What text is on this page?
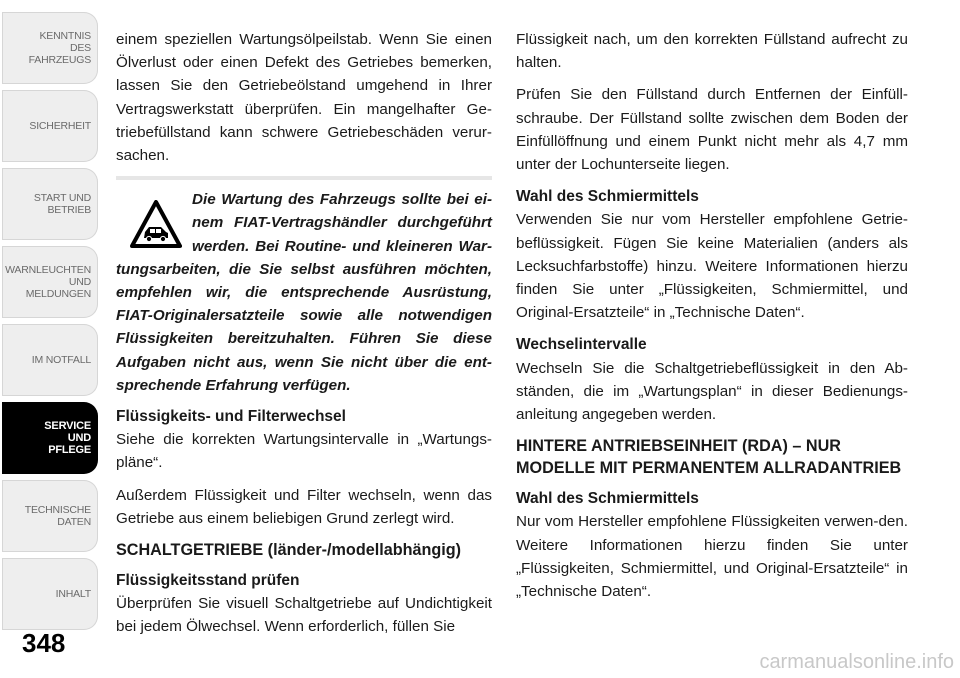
KENNTNIS
DES
FAHRZEUGS
SICHERHEIT
START UND
BETRIEB
WARNLEUCHTEN
UND
MELDUNGEN
IM NOTFALL
SERVICE
UND
PFLEGE
TECHNISCHE
DATEN
INHALT
348

einem speziellen Wartungsölpeilstab. Wenn Sie einen Ölverlust oder einen Defekt des Getriebes bemerken, lassen Sie den Getriebeölstand umgehend in Ihrer Vertragswerkstatt überprüfen. Ein mangelhafter Ge-triebefüllstand kann schwere Getriebeschäden verur-sachen.

Die Wartung des Fahrzeugs sollte bei ei-nem FIAT-Vertragshändler durchgeführt werden. Bei Routine- und kleineren War-tungsarbeiten, die Sie selbst ausführen möchten, empfehlen wir, die entsprechende Ausrüstung, FIAT-Originalersatzteile sowie alle notwendigen Flüssigkeiten bereitzuhalten. Führen Sie diese Aufgaben nicht aus, wenn Sie nicht über die ent-sprechende Erfahrung verfügen.
Flüssigkeits- und Filterwechsel

Siehe die korrekten Wartungsintervalle in „Wartungs-pläne“.

Außerdem Flüssigkeit und Filter wechseln, wenn das Getriebe aus einem beliebigen Grund zerlegt wird.

SCHALTGETRIEBE (länder-/modellabhängig)
Flüssigkeitsstand prüfen

Überprüfen Sie visuell Schaltgetriebe auf Undichtigkeit bei jedem Ölwechsel. Wenn erforderlich, füllen Sie

Flüssigkeit nach, um den korrekten Füllstand aufrecht zu halten.

Prüfen Sie den Füllstand durch Entfernen der Einfüll-schraube. Der Füllstand sollte zwischen dem Boden der Einfüllöffnung und einem Punkt nicht mehr als 4,7 mm unter der Lochunterseite liegen.

Wahl des Schmiermittels

Verwenden Sie nur vom Hersteller empfohlene Getrie-beflüssigkeit. Fügen Sie keine Materialien (anders als Lecksuchfarbstoffe) hinzu. Weitere Informationen hierzu finden Sie unter „Flüssigkeiten, Schmiermittel, und Original-Ersatzteile“ in „Technische Daten“.

Wechselintervalle

Wechseln Sie die Schaltgetriebeflüssigkeit in den Ab-ständen, die im „Wartungsplan“ in dieser Bedienungs-anleitung angegeben werden.

HINTERE ANTRIEBSEINHEIT (RDA) – NUR MODELLE MIT PERMANENTEM ALLRADANTRIEB
Wahl des Schmiermittels

Nur vom Hersteller empfohlene Flüssigkeiten verwen-den. Weitere Informationen hierzu finden Sie unter „Flüssigkeiten, Schmiermittel, und Original-Ersatzteile“ in „Technische Daten“.

carmanualsonline.info
